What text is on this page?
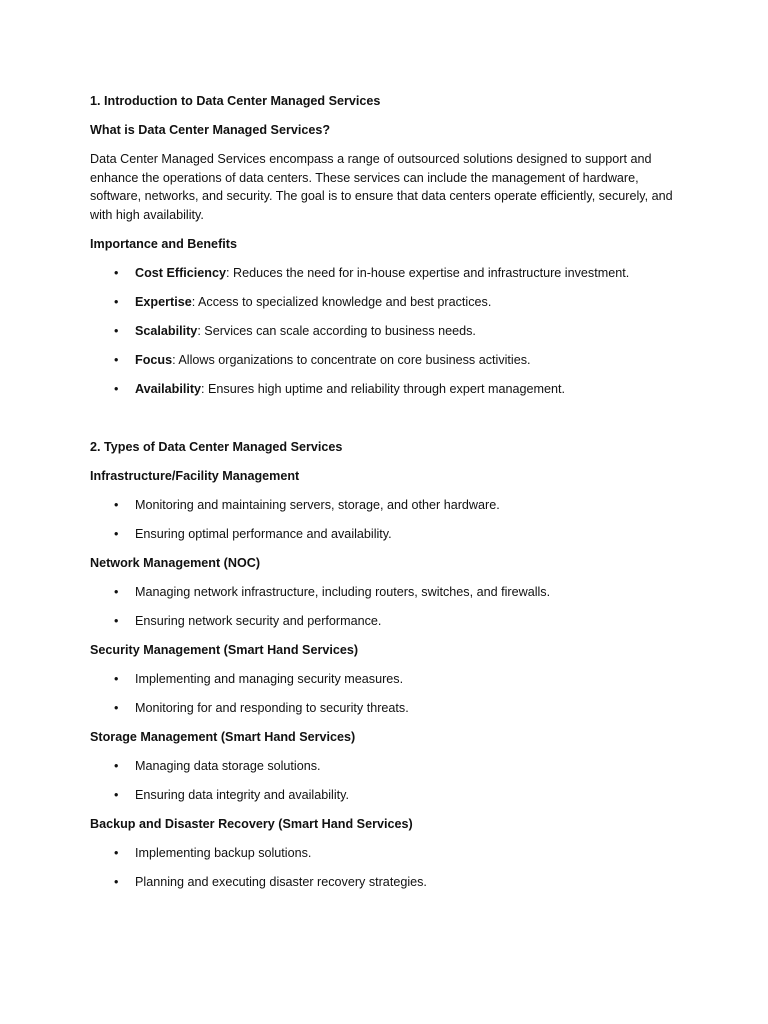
1. Introduction to Data Center Managed Services
What is Data Center Managed Services?
Data Center Managed Services encompass a range of outsourced solutions designed to support and enhance the operations of data centers. These services can include the management of hardware, software, networks, and security. The goal is to ensure that data centers operate efficiently, securely, and with high availability.
Importance and Benefits
• Cost Efficiency: Reduces the need for in-house expertise and infrastructure investment.
• Expertise: Access to specialized knowledge and best practices.
• Scalability: Services can scale according to business needs.
• Focus: Allows organizations to concentrate on core business activities.
• Availability: Ensures high uptime and reliability through expert management.
2. Types of Data Center Managed Services
Infrastructure/Facility Management
• Monitoring and maintaining servers, storage, and other hardware.
• Ensuring optimal performance and availability.
Network Management (NOC)
• Managing network infrastructure, including routers, switches, and firewalls.
• Ensuring network security and performance.
Security Management (Smart Hand Services)
• Implementing and managing security measures.
• Monitoring for and responding to security threats.
Storage Management (Smart Hand Services)
• Managing data storage solutions.
• Ensuring data integrity and availability.
Backup and Disaster Recovery (Smart Hand Services)
• Implementing backup solutions.
• Planning and executing disaster recovery strategies.
